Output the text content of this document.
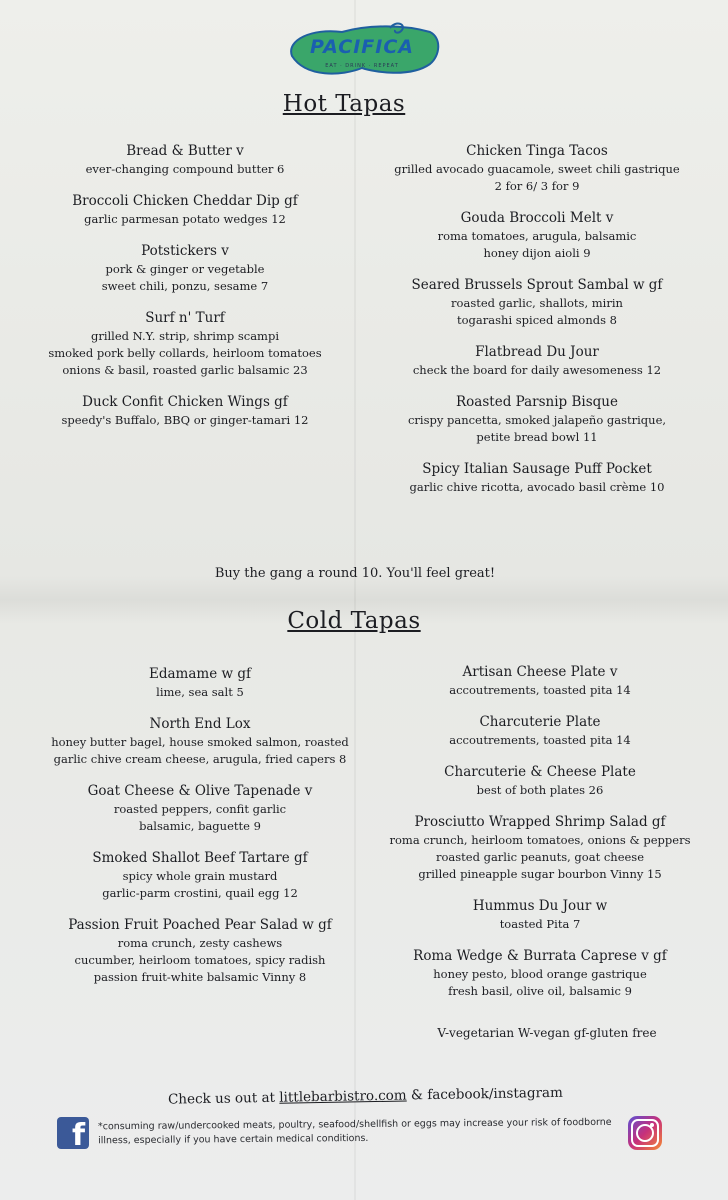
PACIFICA
EAT · DRINK · REPEAT
Hot Tapas
Bread & Butter v
ever-changing compound butter 6
Broccoli Chicken Cheddar Dip gf
garlic parmesan potato wedges 12
Potstickers v
pork & ginger or vegetable
sweet chili, ponzu, sesame 7
Surf n' Turf
grilled N.Y. strip, shrimp scampi
smoked pork belly collards, heirloom tomatoes
onions & basil, roasted garlic balsamic 23
Duck Confit Chicken Wings gf
speedy's Buffalo, BBQ or ginger-tamari 12
Chicken Tinga Tacos
grilled avocado guacamole, sweet chili gastrique
2 for 6/ 3 for 9
Gouda Broccoli Melt v
roma tomatoes, arugula, balsamic
honey dijon aioli 9
Seared Brussels Sprout Sambal w gf
roasted garlic, shallots, mirin
togarashi spiced almonds 8
Flatbread Du Jour
check the board for daily awesomeness 12
Roasted Parsnip Bisque
crispy pancetta, smoked jalapeño gastrique,
petite bread bowl 11
Spicy Italian Sausage Puff Pocket
garlic chive ricotta, avocado basil crème 10
Buy the gang a round 10. You'll feel great!
Cold Tapas
Edamame w gf
lime, sea salt 5
North End Lox
honey butter bagel, house smoked salmon, roasted
garlic chive cream cheese, arugula, fried capers 8
Goat Cheese & Olive Tapenade v
roasted peppers, confit garlic
balsamic, baguette 9
Smoked Shallot Beef Tartare gf
spicy whole grain mustard
garlic-parm crostini, quail egg 12
Passion Fruit Poached Pear Salad w gf
roma crunch, zesty cashews
cucumber, heirloom tomatoes, spicy radish
passion fruit-white balsamic Vinny 8
Artisan Cheese Plate v
accoutrements, toasted pita 14
Charcuterie Plate
accoutrements, toasted pita 14
Charcuterie & Cheese Plate
best of both plates 26
Prosciutto Wrapped Shrimp Salad gf
roma crunch, heirloom tomatoes, onions & peppers
roasted garlic peanuts, goat cheese
grilled pineapple sugar bourbon Vinny 15
Hummus Du Jour w
toasted Pita 7
Roma Wedge & Burrata Caprese v gf
honey pesto, blood orange gastrique
fresh basil, olive oil, balsamic 9
V-vegetarian W-vegan gf-gluten free
Check us out at littlebarbistro.com & facebook/instagram
f *consuming raw/undercooked meats, poultry, seafood/shellfish or eggs may increase your risk of foodborne illness, especially if you have certain medical conditions.
